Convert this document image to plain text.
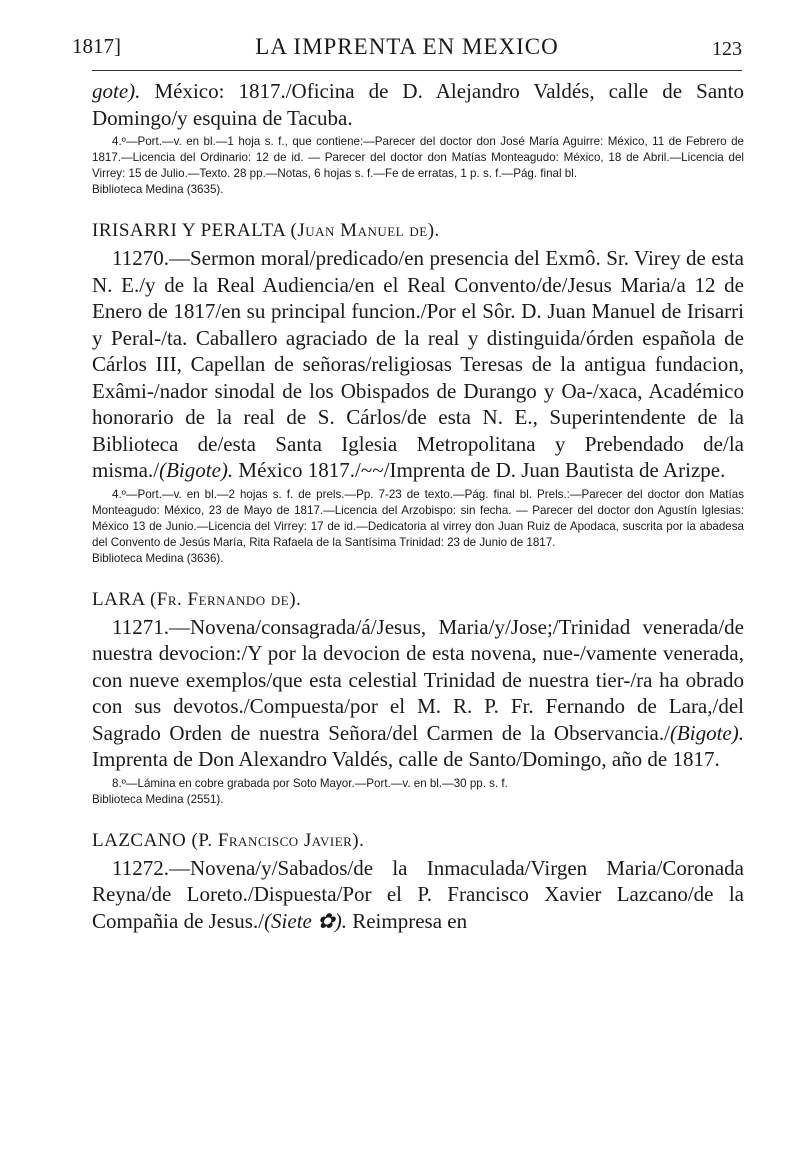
1817]	LA IMPRENTA EN MEXICO	123

gote). México: 1817./Oficina de D. Alejandro Valdés, calle de Santo Domingo/y esquina de Tacuba.

4.º—Port.—v. en bl.—1 hoja s. f., que contiene:—Parecer del doctor don José María Aguirre: México, 11 de Febrero de 1817.—Licencia del Ordinario: 12 de id. — Parecer del doctor don Matías Monteagudo: México, 18 de Abril.—Licencia del Virrey: 15 de Julio.—Texto. 28 pp.—Notas, 6 hojas s. f.—Fe de erratas, 1 p. s. f.—Pág. final bl.
Biblioteca Medina (3635).

IRISARRI Y PERALTA (Juan Manuel de).

11270.—Sermon moral/predicado/en presencia del Exmô. Sr. Virey de esta N. E./y de la Real Audiencia/en el Real Convento/de/Jesus Maria/a 12 de Enero de 1817/en su principal funcion./Por el Sôr. D. Juan Manuel de Irisarri y Peral-/ta. Caballero agraciado de la real y distinguida/órden española de Cárlos III, Capellan de señoras/religiosas Teresas de la antigua fundacion, Exâmi-/nador sinodal de los Obispados de Durango y Oa-/xaca, Académico honorario de la real de S. Cárlos/de esta N. E., Superintendente de la Biblioteca de/esta Santa Iglesia Metropolitana y Prebendado de/la misma./(Bigote). México 1817./~~/Imprenta de D. Juan Bautista de Arizpe.

4.º—Port.—v. en bl.—2 hojas s. f. de prels.—Pp. 7-23 de texto.—Pág. final bl. Prels.:—Parecer del doctor don Matías Monteagudo: México, 23 de Mayo de 1817.—Licencia del Arzobispo: sin fecha. — Parecer del doctor don Agustín Iglesias: México 13 de Junio.—Licencia del Virrey: 17 de id.—Dedicatoria al virrey don Juan Ruiz de Apodaca, suscrita por la abadesa del Convento de Jesús María, Rita Rafaela de la Santísima Trinidad: 23 de Junio de 1817.
Biblioteca Medina (3636).

LARA (Fr. Fernando de).

11271.—Novena/consagrada/á/Jesus, Maria/y/Jose;/Trinidad venerada/de nuestra devocion:/Y por la devocion de esta novena, nue-/vamente venerada, con nueve exemplos/que esta celestial Trinidad de nuestra tier-/ra ha obrado con sus devotos./Compuesta/por el M. R. P. Fr. Fernando de Lara,/del Sagrado Orden de nuestra Señora/del Carmen de la Observancia./(Bigote). Imprenta de Don Alexandro Valdés, calle de Santo/Domingo, año de 1817.

8.º—Lámina en cobre grabada por Soto Mayor.—Port.—v. en bl.—30 pp. s. f.
Biblioteca Medina (2551).

LAZCANO (P. Francisco Javier).

11272.—Novena/y/Sabados/de la Inmaculada/Virgen Maria/Coronada Reyna/de Loreto./Dispuesta/Por el P. Francisco Xavier Lazcano/de la Compañia de Jesus./(Siete ✿). Reimpresa en
